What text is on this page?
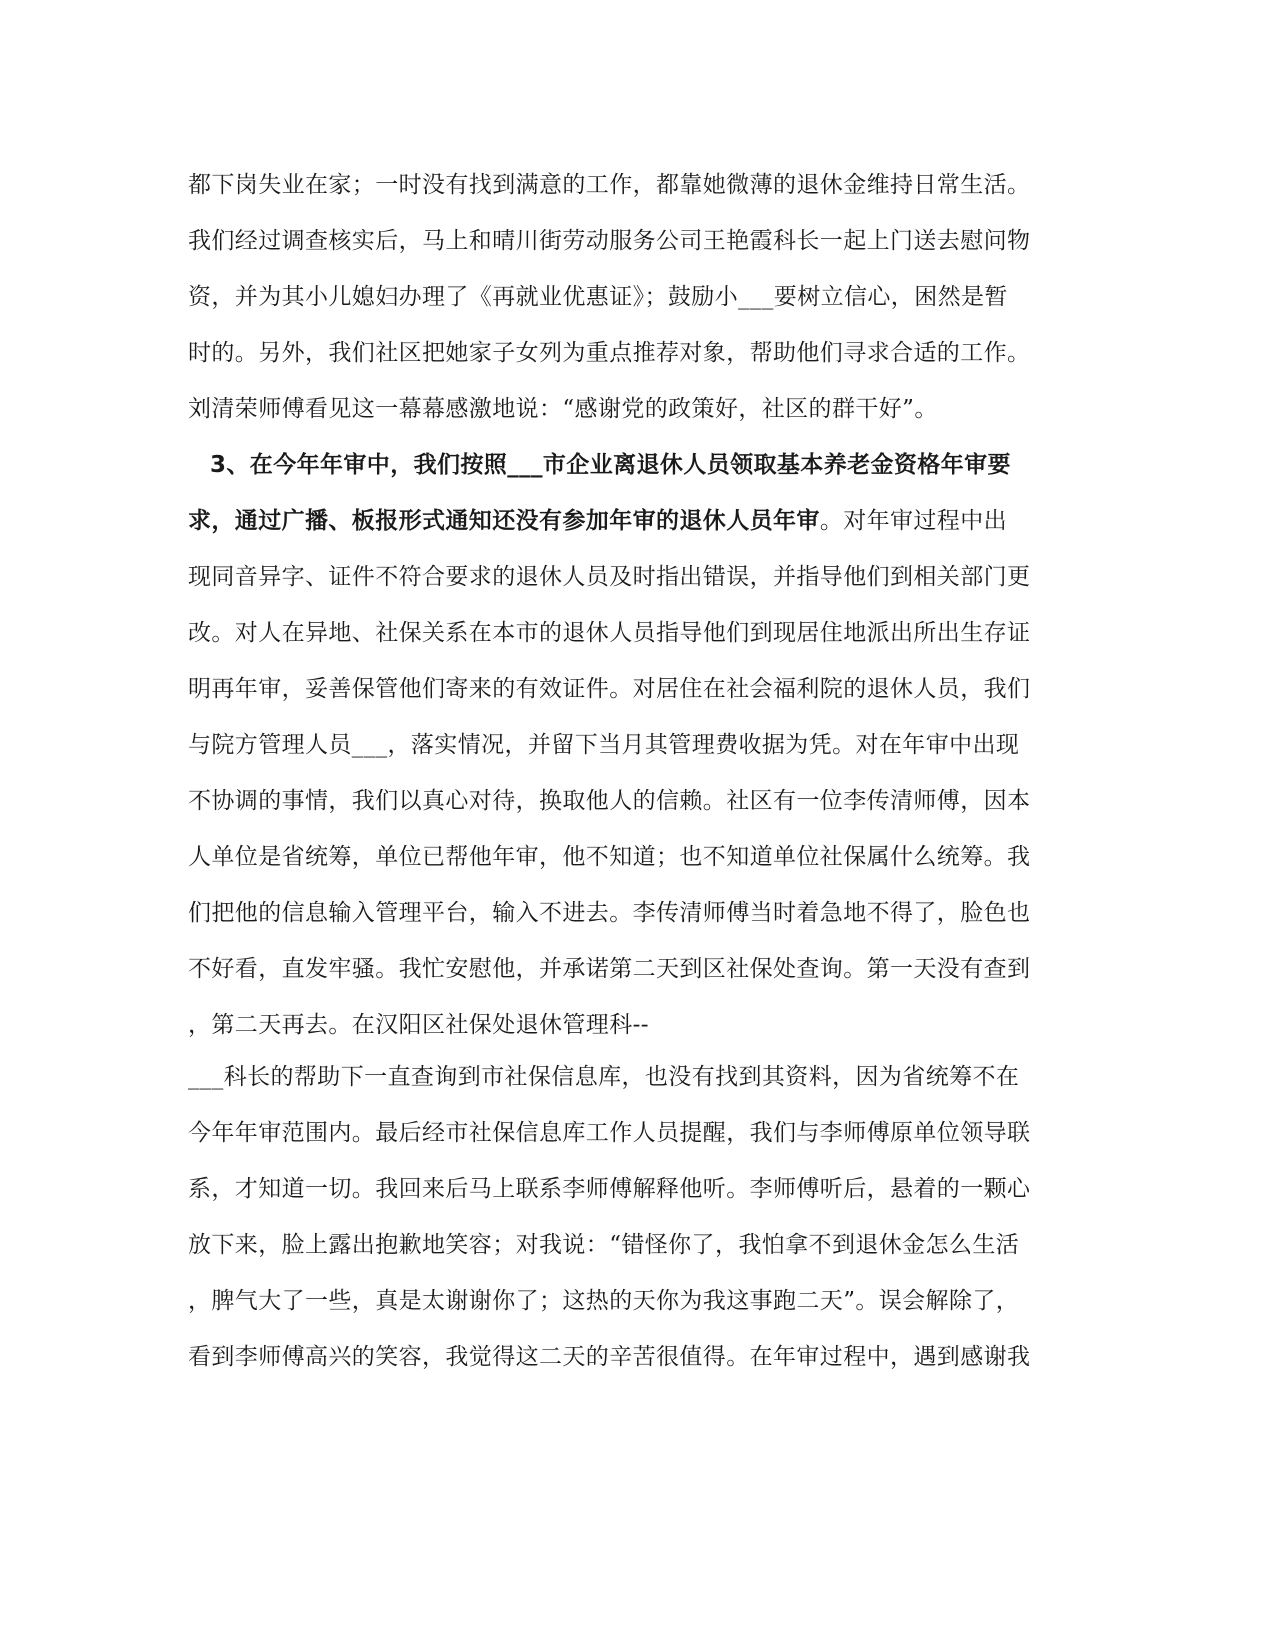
都下岗失业在家；一时没有找到满意的工作，都靠她微薄的退休金维持日常生活。
我们经过调查核实后，马上和晴川街劳动服务公司王艳霞科长一起上门送去慰问物
资，并为其小儿媳妇办理了《再就业优惠证》；鼓励小___要树立信心，困然是暂
时的。另外，我们社区把她家子女列为重点推荐对象，帮助他们寻求合适的工作。
刘清荣师傅看见这一幕幕感激地说：“感谢党的政策好，社区的群干好”。
3、在今年年审中，我们按照___市企业离退休人员领取基本养老金资格年审要
求，通过广播、板报形式通知还没有参加年审的退休人员年审。对年审过程中出
现同音异字、证件不符合要求的退休人员及时指出错误，并指导他们到相关部门更
改。对人在异地、社保关系在本市的退休人员指导他们到现居住地派出所出生存证
明再年审，妥善保管他们寄来的有效证件。对居住在社会福利院的退休人员，我们
与院方管理人员___，落实情况，并留下当月其管理费收据为凭。对在年审中出现
不协调的事情，我们以真心对待，换取他人的信赖。社区有一位李传清师傅，因本
人单位是省统筹，单位已帮他年审，他不知道；也不知道单位社保属什么统筹。我
们把他的信息输入管理平台，输入不进去。李传清师傅当时着急地不得了，脸色也
不好看，直发牢骚。我忙安慰他，并承诺第二天到区社保处查询。第一天没有查到
，第二天再去。在汉阳区社保处退休管理科--
___科长的帮助下一直查询到市社保信息库，也没有找到其资料，因为省统筹不在
今年年审范围内。最后经市社保信息库工作人员提醒，我们与李师傅原单位领导联
系，才知道一切。我回来后马上联系李师傅解释他听。李师傅听后，悬着的一颗心
放下来，脸上露出抱歉地笑容；对我说：“错怪你了，我怕拿不到退休金怎么生活
，脾气大了一些，真是太谢谢你了；这热的天你为我这事跑二天”。误会解除了，
看到李师傅高兴的笑容，我觉得这二天的辛苦很值得。在年审过程中，遇到感谢我
